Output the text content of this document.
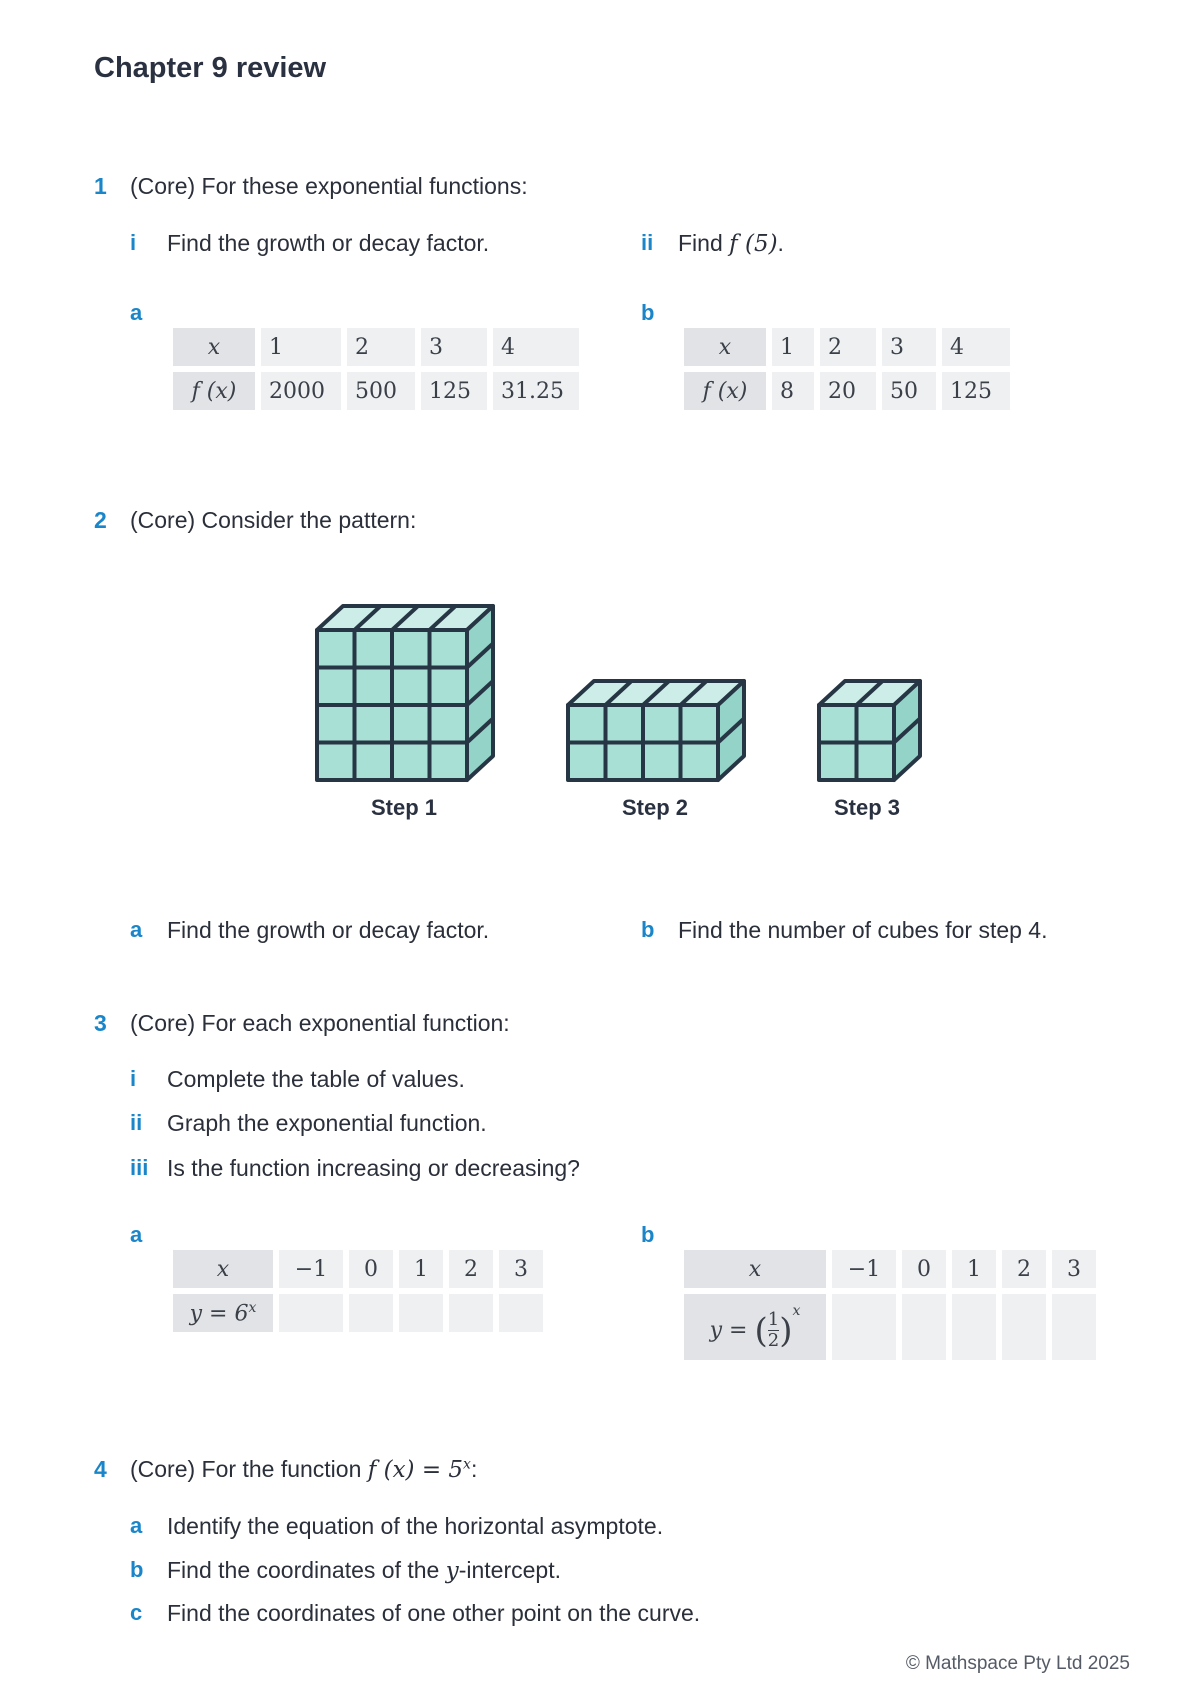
Chapter 9 review
1 (Core) For these exponential functions:
i Find the growth or decay factor.	ii Find f (5).
a
x	1	2	3	4
f (x)	2000	500	125	31.25
b
x	1	2	3	4
f (x)	8	20	50	125
2 (Core) Consider the pattern:
Step 1	Step 2	Step 3
a Find the growth or decay factor.	b Find the number of cubes for step 4.
3 (Core) For each exponential function:
i Complete the table of values.
ii Graph the exponential function.
iii Is the function increasing or decreasing?
a
x	−1	0	1	2	3
$y = 6^x$					
b
x	−1	0	1	2	3
y = ( $\frac{1}{2} )^x$					
4 (Core) For the function f $(x) = 5^x$:
a Identify the equation of the horizontal asymptote.
b Find the coordinates of the y-intercept.
c Find the coordinates of one other point on the curve.
© Mathspace Pty Ltd 2025
